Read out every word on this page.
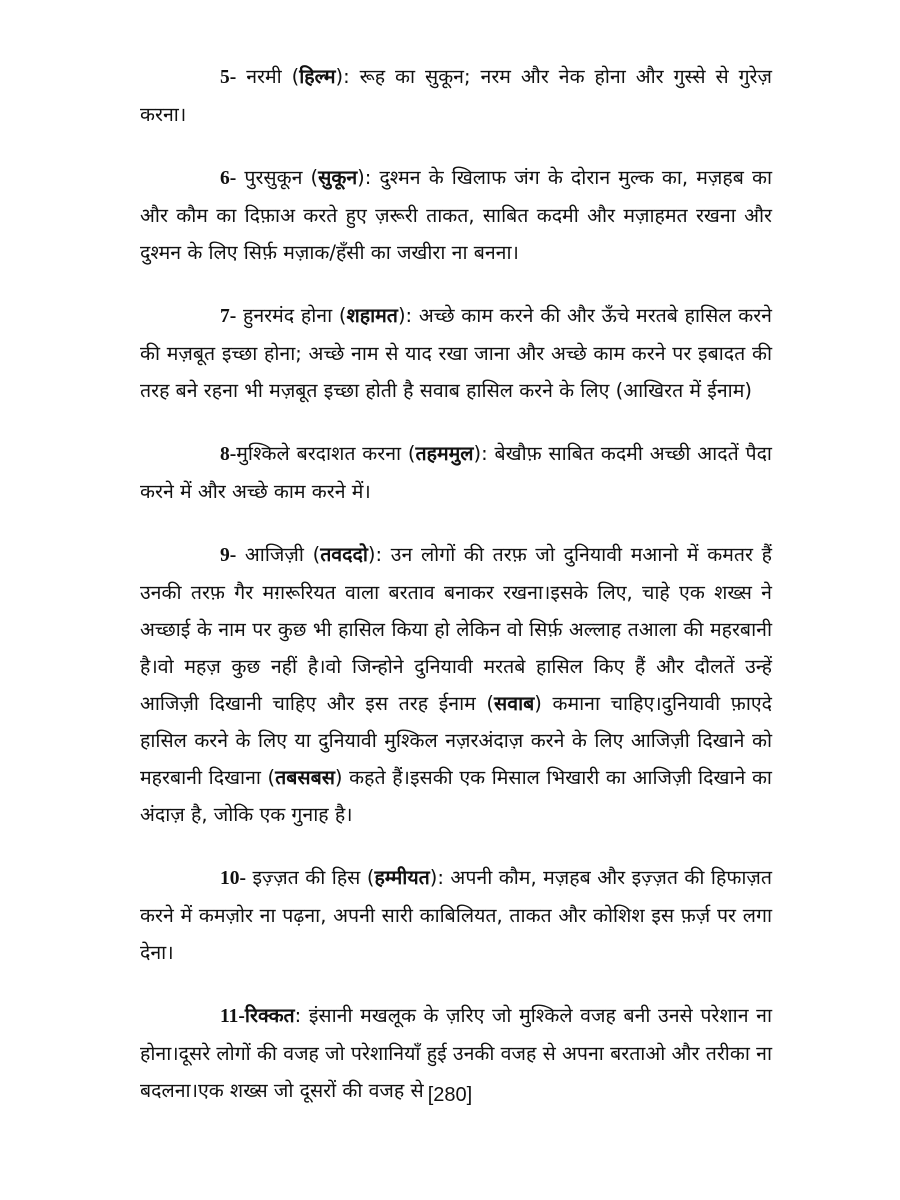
5- नरमी (हिल्म): रूह का सुकून; नरम और नेक होना और गुस्से से गुरेज़ करना।

6- पुरसुकून (सुकून): दुश्मन के खिलाफ जंग के दोरान मुल्क का, मज़हब का और कौम का दिफ़ाअ करते हुए ज़रूरी ताकत, साबित कदमी और मज़ाहमत रखना और दुश्मन के लिए सिर्फ़ मज़ाक/हँसी का जखीरा ना बनना।

7- हुनरमंद होना (शहामत): अच्छे काम करने की और ऊँचे मरतबे हासिल करने की मज़बूत इच्छा होना; अच्छे नाम से याद रखा जाना और अच्छे काम करने पर इबादत की तरह बने रहना भी मज़बूत इच्छा होती है सवाब हासिल करने के लिए (आखिरत में ईनाम)

8-मुश्किले बरदाशत करना (तहममुल): बेखौफ़ साबित कदमी अच्छी आदतें पैदा करने में और अच्छे काम करने में।

9- आजिज़ी (तवददो): उन लोगों की तरफ़ जो दुनियावी मआनो में कमतर हैं उनकी तरफ़ गैर मग़रूरियत वाला बरताव बनाकर रखना।इसके लिए, चाहे एक शख्स ने अच्छाई के नाम पर कुछ भी हासिल किया हो लेकिन वो सिर्फ़ अल्लाह तआला की महरबानी है।वो महज़ कुछ नहीं है।वो जिन्होने दुनियावी मरतबे हासिल किए हैं और दौलतें उन्हें आजिज़ी दिखानी चाहिए और इस तरह ईनाम (सवाब) कमाना चाहिए।दुनियावी फ़ाएदे हासिल करने के लिए या दुनियावी मुश्किल नज़रअंदाज़ करने के लिए आजिज़ी दिखाने को महरबानी दिखाना (तबसबस) कहते हैं।इसकी एक मिसाल भिखारी का आजिज़ी दिखाने का अंदाज़ है, जोकि एक गुनाह है।

10- इज़्ज़त की हिस (हम्मीयत): अपनी कौम, मज़हब और इज़्ज़त की हिफाज़त करने में कमज़ोर ना पढ़ना, अपनी सारी काबिलियत, ताकत और कोशिश इस फ़र्ज़ पर लगा देना।

11-रिक्कत: इंसानी मखलूक के ज़रिए जो मुश्किले वजह बनी उनसे परेशान ना होना।दूसरे लोगों की वजह जो परेशानियाँ हुई उनकी वजह से अपना बरताओ और तरीका ना बदलना।एक शख्स जो दूसरों की वजह से [280]
